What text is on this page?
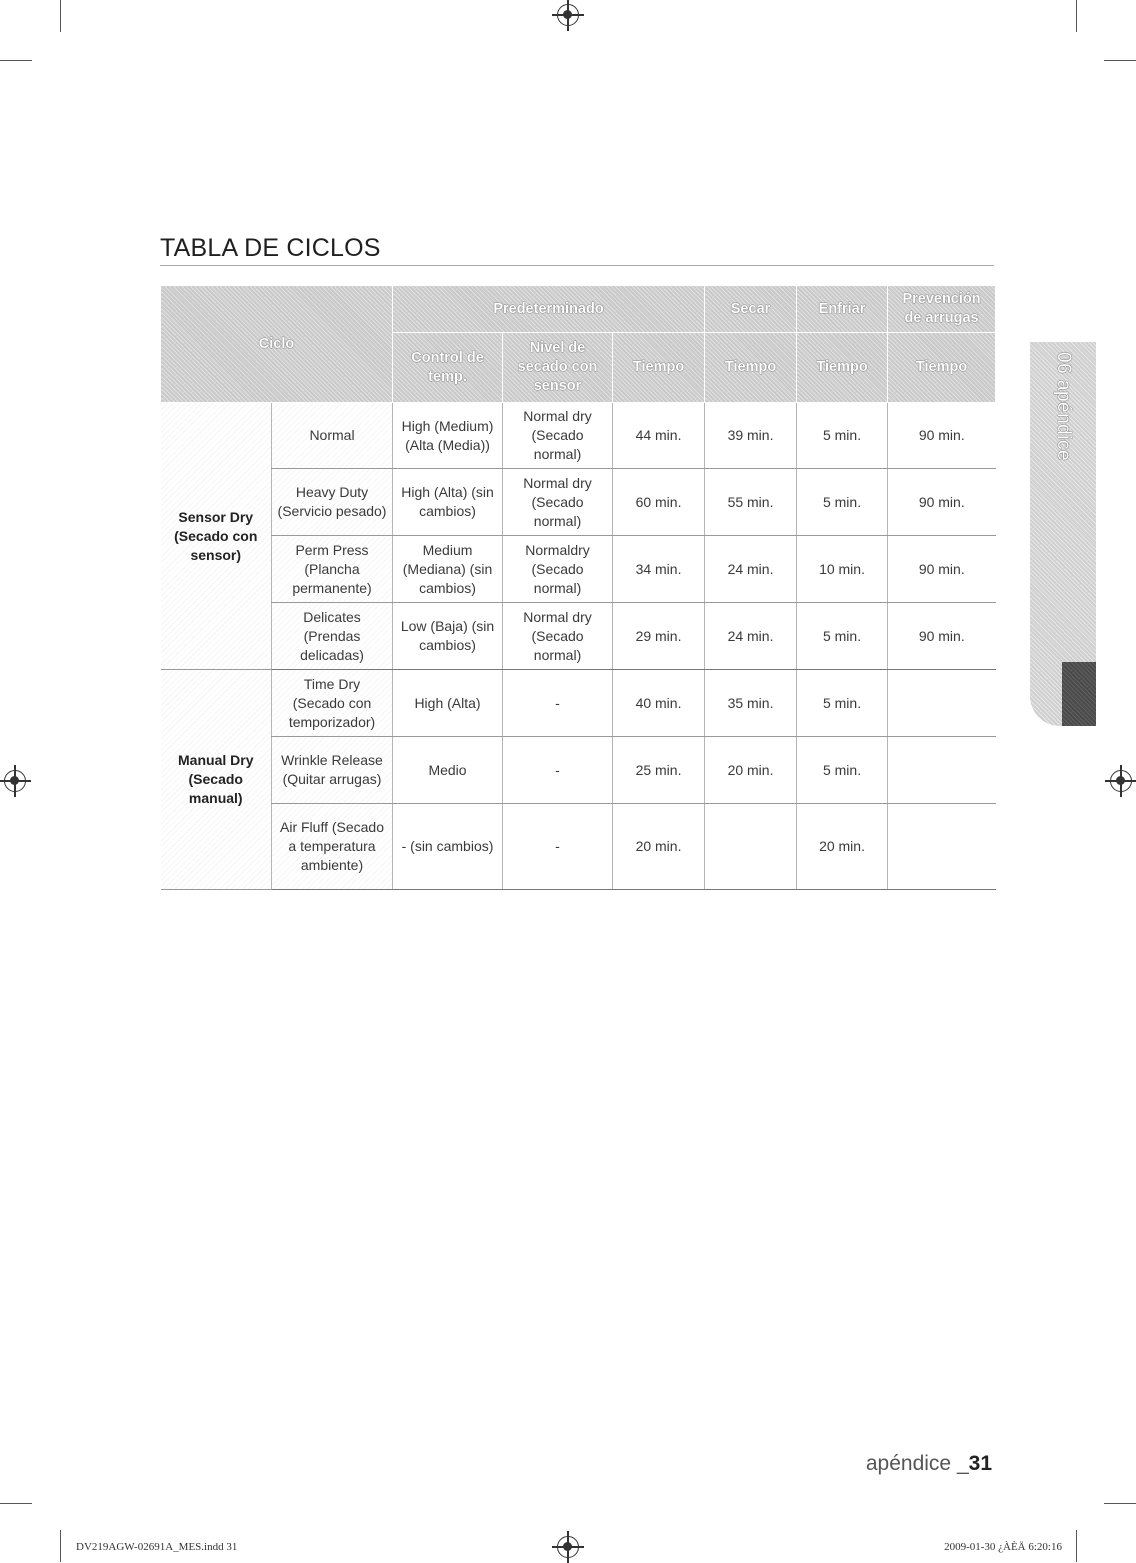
TABLA DE CICLOS
06 apéndice
Ciclo		Predeterminado			Secar	Enfriar	Prevención de arrugas
		Control de temp.	Nivel de secado con sensor	Tiempo	Tiempo	Tiempo	Tiempo
Sensor Dry (Secado con sensor)	Normal	High (Medium) (Alta (Media))	Normal dry (Secado normal)	44 min.	39 min.	5 min.	90 min.
	Heavy Duty (Servicio pesado)	High (Alta) (sin cambios)	Normal dry (Secado normal)	60 min.	55 min.	5 min.	90 min.
	Perm Press (Plancha permanente)	Medium (Mediana) (sin cambios)	Normaldry (Secado normal)	34 min.	24 min.	10 min.	90 min.
	Delicates (Prendas delicadas)	Low (Baja) (sin cambios)	Normal dry (Secado normal)	29 min.	24 min.	5 min.	90 min.
Manual Dry (Secado manual)	Time Dry (Secado con temporizador)	High (Alta)	-	40 min.	35 min.	5 min.	
	Wrinkle Release (Quitar arrugas)	Medio	-	25 min.	20 min.	5 min.	
	Air Fluff (Secado a temperatura ambiente)	- (sin cambios)	-	20 min.		20 min.	
apéndice _31
DV219AGW-02691A_MES.indd 31	2009-01-30 ¿ÀÈÄ 6:20:16
